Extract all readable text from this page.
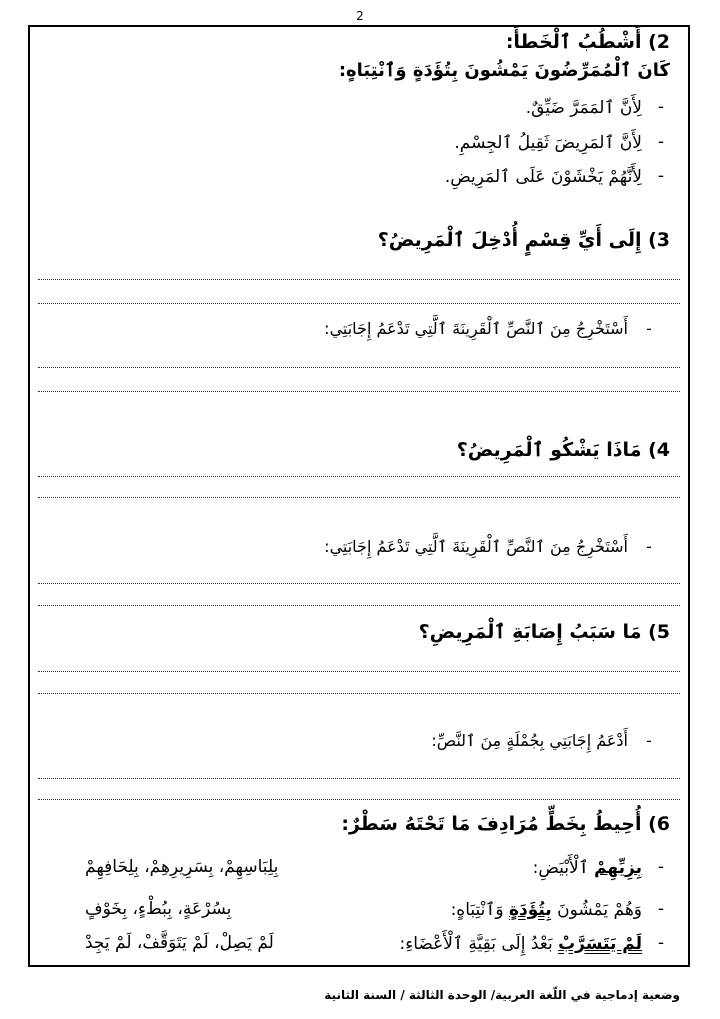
2
2) أَشْطُبُ ٱلْخَطأَ:
كَانَ ٱلْمُمَرِّضُونَ يَمْشُونَ بِتُؤَدَةٍ وَٱنْتِبَاهٍ:
-
لِأَنَّ ٱلمَمَرَّ ضَيِّقٌ.
-
لِأَنَّ ٱلمَرِيضَ ثَقِيلُ ٱلجِسْمِ.
-
لِأَنَّهُمْ يَخْشَوْنَ عَلَى ٱلمَرِيضِ.
3) إِلَى أَيِّ قِسْمٍ أُدْخِلَ ٱلْمَرِيضُ؟
-
أَسْتَخْرِجُ مِنَ ٱلنَّصِّ ٱلْقَرِينَةَ ٱلَّتِي تَدْعَمُ إِجَابَتِي:
4) مَاذَا يَشْكُو ٱلْمَرِيضُ؟
-
أَسْتَخْرِجُ مِنَ ٱلنَّصِّ ٱلْقَرِينَةَ ٱلَّتِي تَدْعَمُ إِجَابَتِي:
5) مَا سَبَبُ إِصَابَةِ ٱلْمَرِيضِ؟
-
أَدْعَمُ إِجَابَتِي بِجُمْلَةٍ مِنَ ٱلنَّصِّ:
6) أُحِيطُ بِخَطٍّ مُرَادِفَ مَا تَحْتَهُ سَطْرٌ:
-
بِزِيِّهِمْ ٱلْأَبْيَضِ:
بِلِبَاسِهِمْ، بِسَرِيرِهِمْ، بِلِحَافِهِمْ
-
وَهُمْ يَمْشُونَ بِتُؤَدَةٍ وَٱنْتِبَاهٍ:
بِسُرْعَةٍ، بِبُطْءٍ، بِخَوْفٍ
-
لَمْ يَتَسَرَّبْ بَعْدُ إِلَى بَقِيَّةِ ٱلْأَعْضَاءِ:
لَمْ يَصِلْ، لَمْ يَتَوَقَّفْ، لَمْ يَجِدْ
وضعية إدماجية في اللّغة العربية/ الوحدة الثالثة / السنة الثانية
